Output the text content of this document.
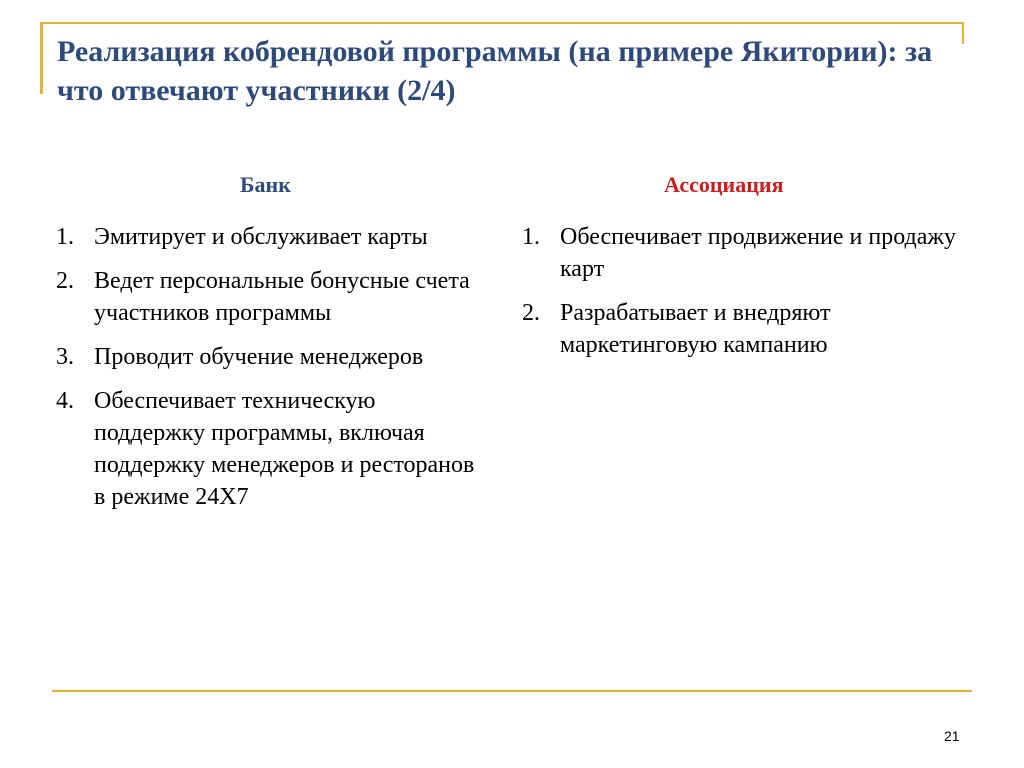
Реализация кобрендовой программы (на примере Якитории): за что отвечают участники (2/4)
Банк	Ассоциация
1. Эмитирует и обслуживает карты
2. Ведет персональные бонусные счета участников программы
3. Проводит обучение менеджеров
4. Обеспечивает техническую поддержку программы, включая поддержку менеджеров и ресторанов в режиме 24Х7
1. Обеспечивает продвижение и продажу карт
2. Разрабатывает и внедряют маркетинговую кампанию
21
